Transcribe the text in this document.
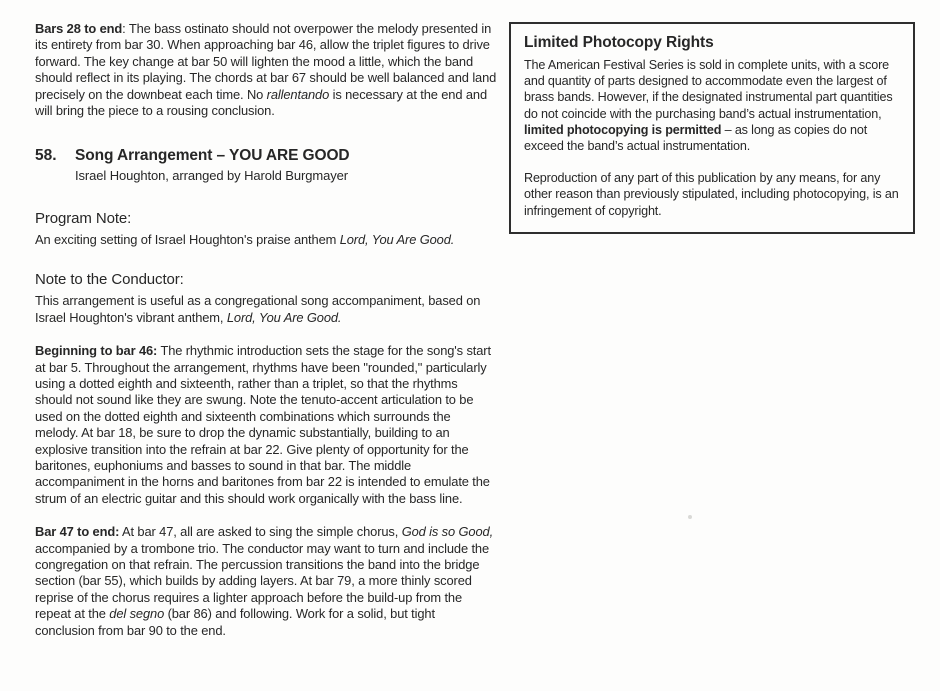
Bars 28 to end: The bass ostinato should not overpower the melody presented in its entirety from bar 30. When approaching bar 46, allow the triplet figures to drive forward. The key change at bar 50 will lighten the mood a little, which the band should reflect in its playing. The chords at bar 67 should be well balanced and land precisely on the downbeat each time. No rallentando is necessary at the end and will bring the piece to a rousing conclusion.

58.	Song Arrangement – YOU ARE GOOD
Israel Houghton, arranged by Harold Burgmayer
Program Note:

An exciting setting of Israel Houghton's praise anthem Lord, You Are Good.

Note to the Conductor:

This arrangement is useful as a congregational song accompaniment, based on Israel Houghton's vibrant anthem, Lord, You Are Good.

Beginning to bar 46: The rhythmic introduction sets the stage for the song's start at bar 5. Throughout the arrangement, rhythms have been "rounded," particularly using a dotted eighth and sixteenth, rather than a triplet, so that the rhythms should not sound like they are swung. Note the tenuto-accent articulation to be used on the dotted eighth and sixteenth combinations which surrounds the melody. At bar 18, be sure to drop the dynamic substantially, building to an explosive transition into the refrain at bar 22. Give plenty of opportunity for the baritones, euphoniums and basses to sound in that bar. The middle accompaniment in the horns and baritones from bar 22 is intended to emulate the strum of an electric guitar and this should work organically with the bass line.

Bar 47 to end: At bar 47, all are asked to sing the simple chorus, God is so Good, accompanied by a trombone trio. The conductor may want to turn and include the congregation on that refrain. The percussion transitions the band into the bridge section (bar 55), which builds by adding layers. At bar 79, a more thinly scored reprise of the chorus requires a lighter approach before the build-up from the repeat at the del segno (bar 86) and following. Work for a solid, but tight conclusion from bar 90 to the end.

Limited Photocopy Rights

The American Festival Series is sold in complete units, with a score and quantity of parts designed to accommodate even the largest of brass bands. However, if the designated instrumental part quantities do not coincide with the purchasing band’s actual instrumentation, limited photocopying is permitted – as long as copies do not exceed the band’s actual instrumentation.

Reproduction of any part of this publication by any means, for any other reason than previously stipulated, including photocopying, is an infringement of copyright.
